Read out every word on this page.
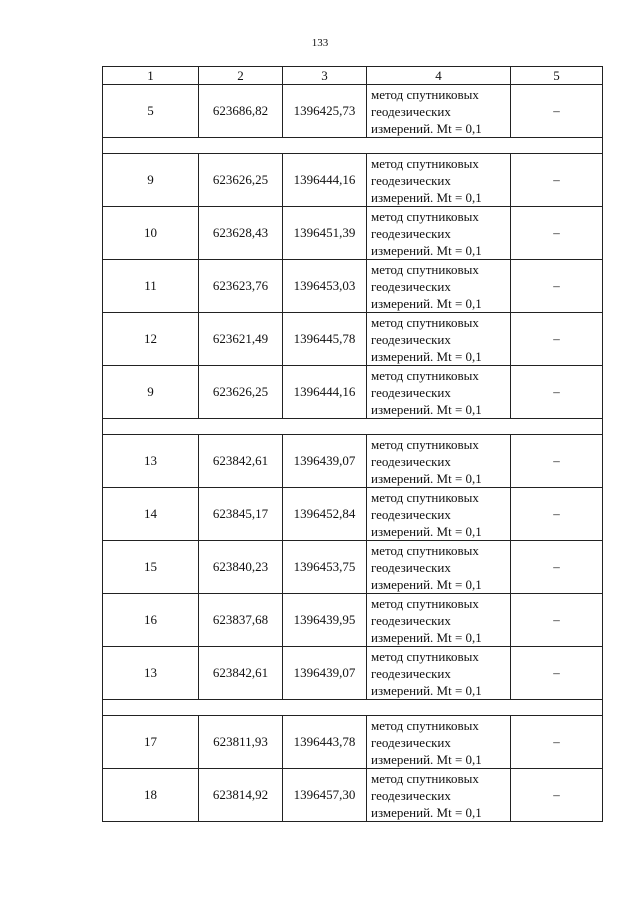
133
1	2	3	4	5
5	623686,82	1396425,73	метод спутниковых
геодезических
измерений. Mt = 0,1	–

9	623626,25	1396444,16	метод спутниковых
геодезических
измерений. Mt = 0,1	–
10	623628,43	1396451,39	метод спутниковых
геодезических
измерений. Mt = 0,1	–
11	623623,76	1396453,03	метод спутниковых
геодезических
измерений. Mt = 0,1	–
12	623621,49	1396445,78	метод спутниковых
геодезических
измерений. Mt = 0,1	–
9	623626,25	1396444,16	метод спутниковых
геодезических
измерений. Mt = 0,1	–

13	623842,61	1396439,07	метод спутниковых
геодезических
измерений. Mt = 0,1	–
14	623845,17	1396452,84	метод спутниковых
геодезических
измерений. Mt = 0,1	–
15	623840,23	1396453,75	метод спутниковых
геодезических
измерений. Mt = 0,1	–
16	623837,68	1396439,95	метод спутниковых
геодезических
измерений. Mt = 0,1	–
13	623842,61	1396439,07	метод спутниковых
геодезических
измерений. Mt = 0,1	–

17	623811,93	1396443,78	метод спутниковых
геодезических
измерений. Mt = 0,1	–
18	623814,92	1396457,30	метод спутниковых
геодезических
измерений. Mt = 0,1	–
